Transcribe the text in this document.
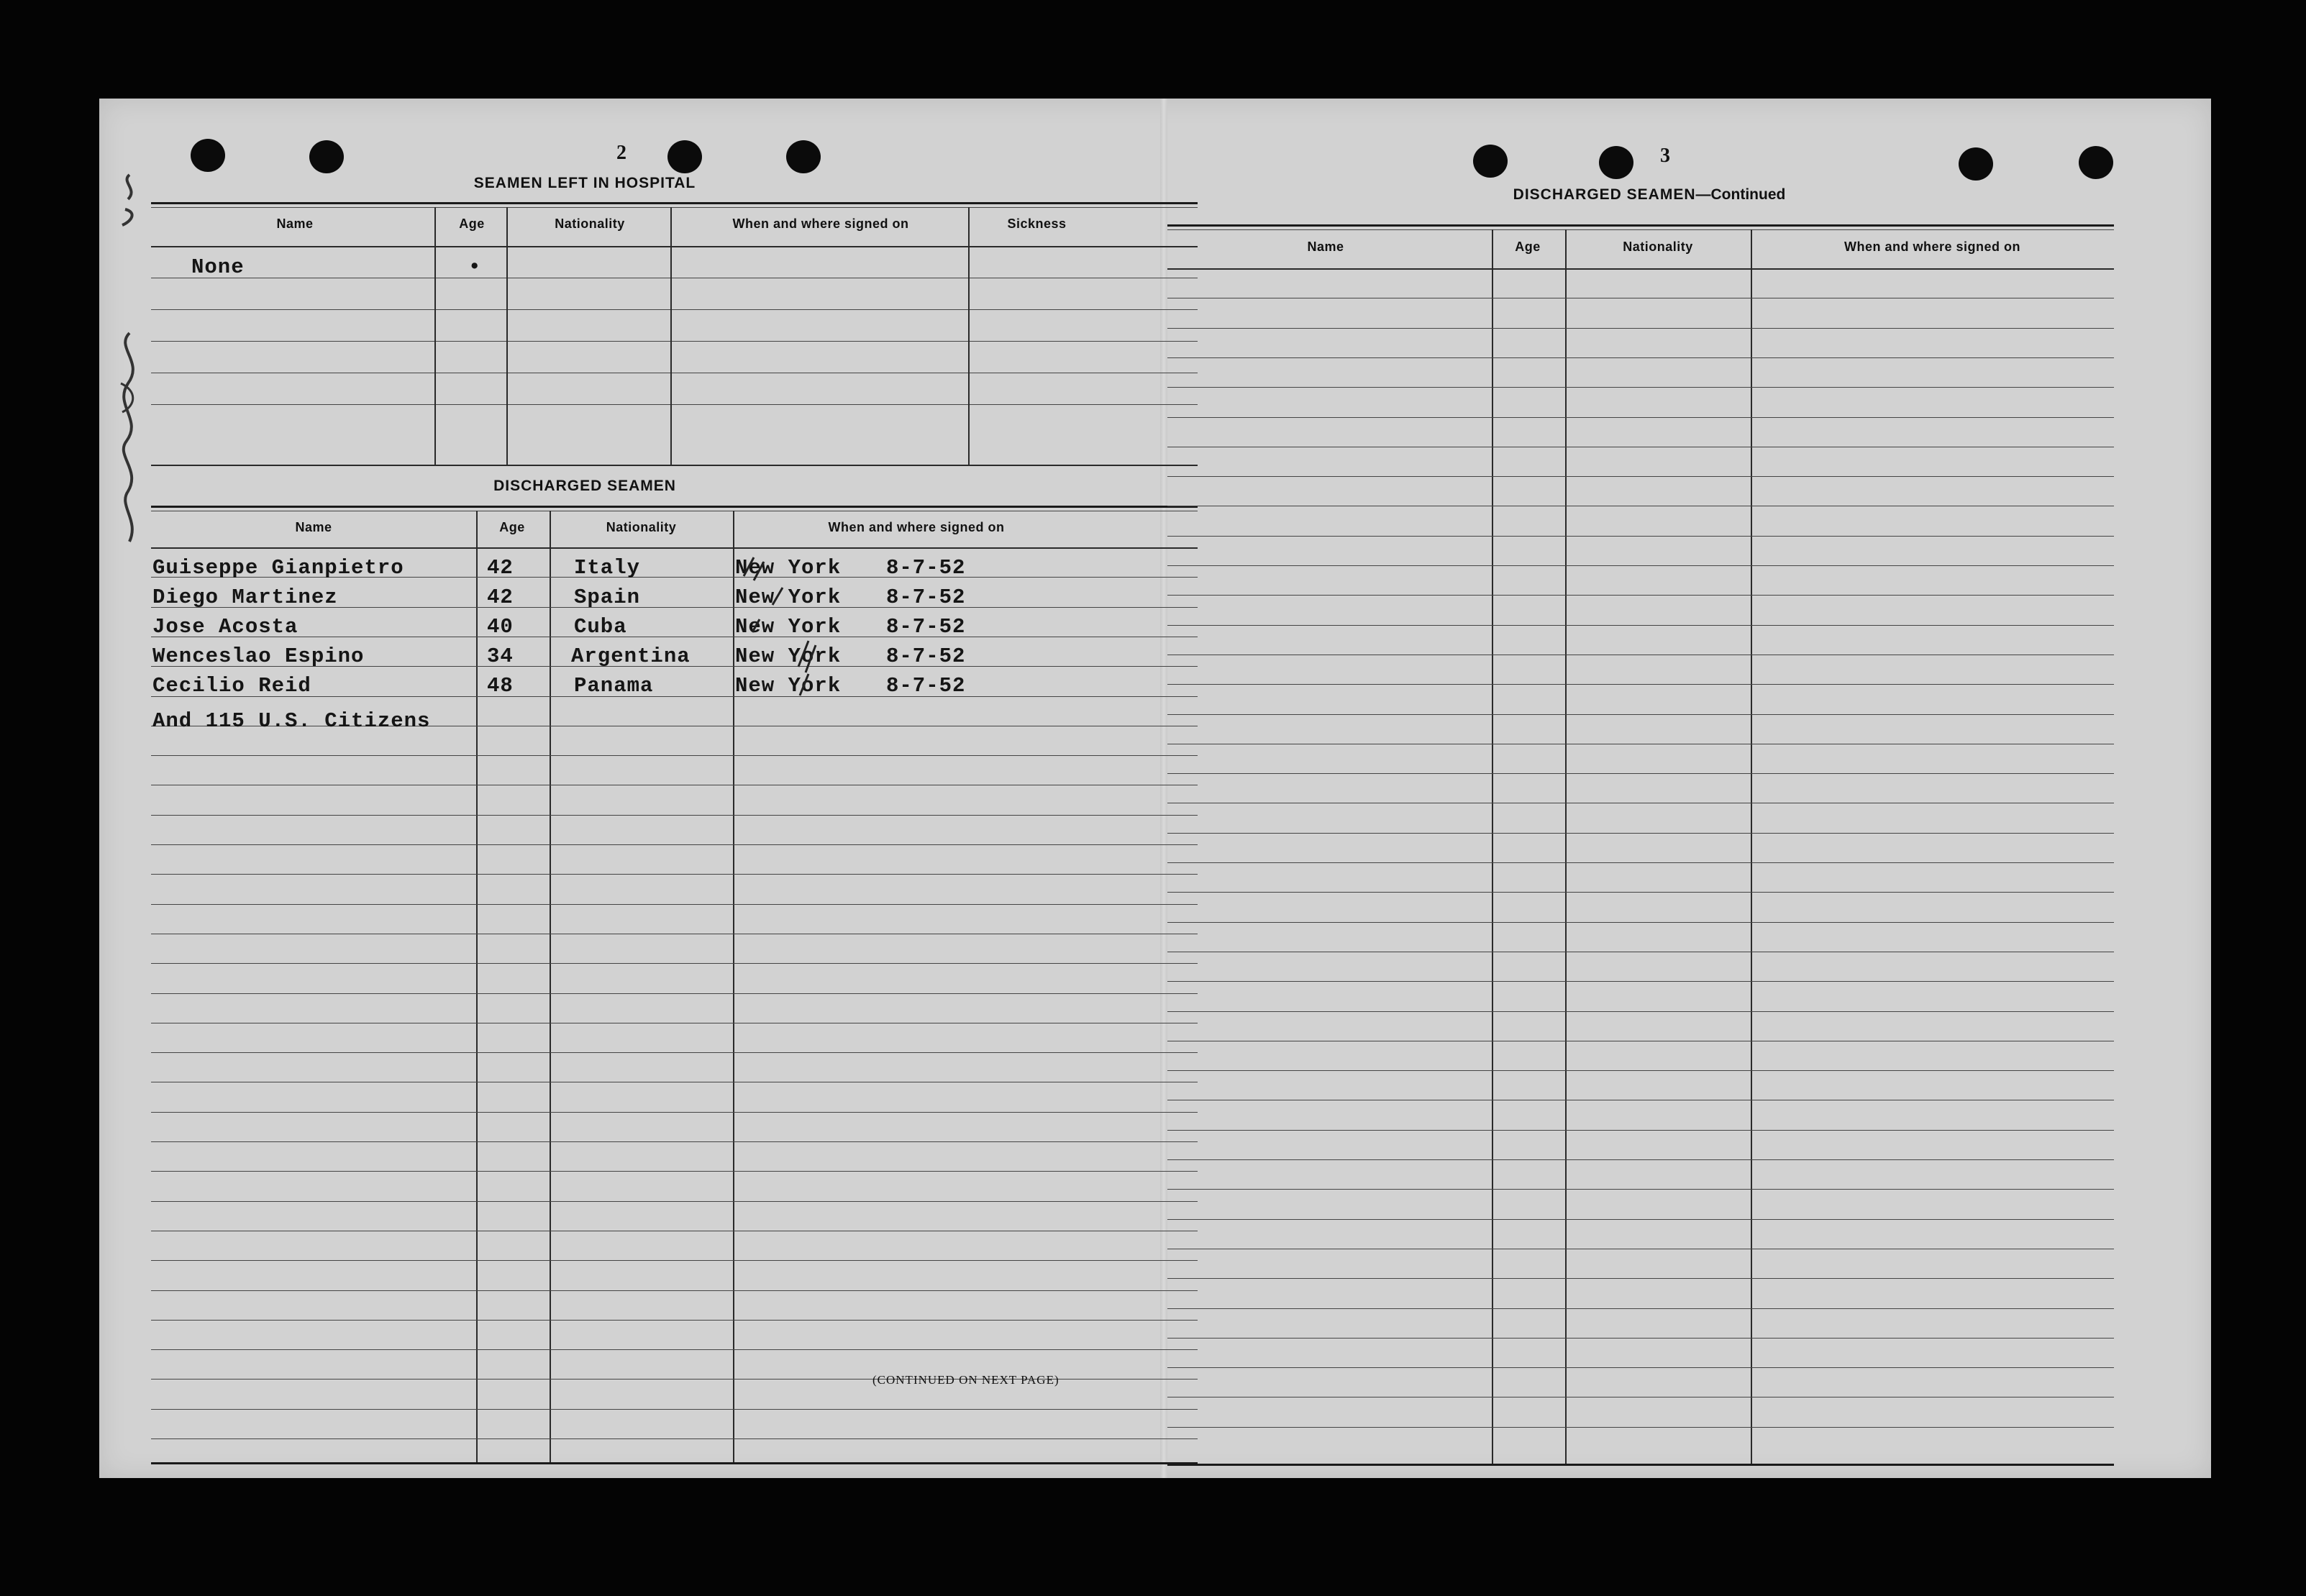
2
SEAMEN LEFT IN HOSPITAL
Name	Age	Nationality	When and where signed on	Sickness
None	•
DISCHARGED SEAMEN
Name	Age	Nationality	When and where signed on
Guiseppe Gianpietro	42	Italy	New York 8-7-52
Diego Martinez	42	Spain	New York 8-7-52
Jose Acosta	40	Cuba	New York 8-7-52
Wenceslao Espino	34	Argentina New York 8-7-52
Cecilio Reid	48	Panama	New York 8-7-52
And 115 U.S. Citizens
(CONTINUED ON NEXT PAGE)
3
DISCHARGED SEAMEN—Continued
Name	Age	Nationality	When and where signed on
